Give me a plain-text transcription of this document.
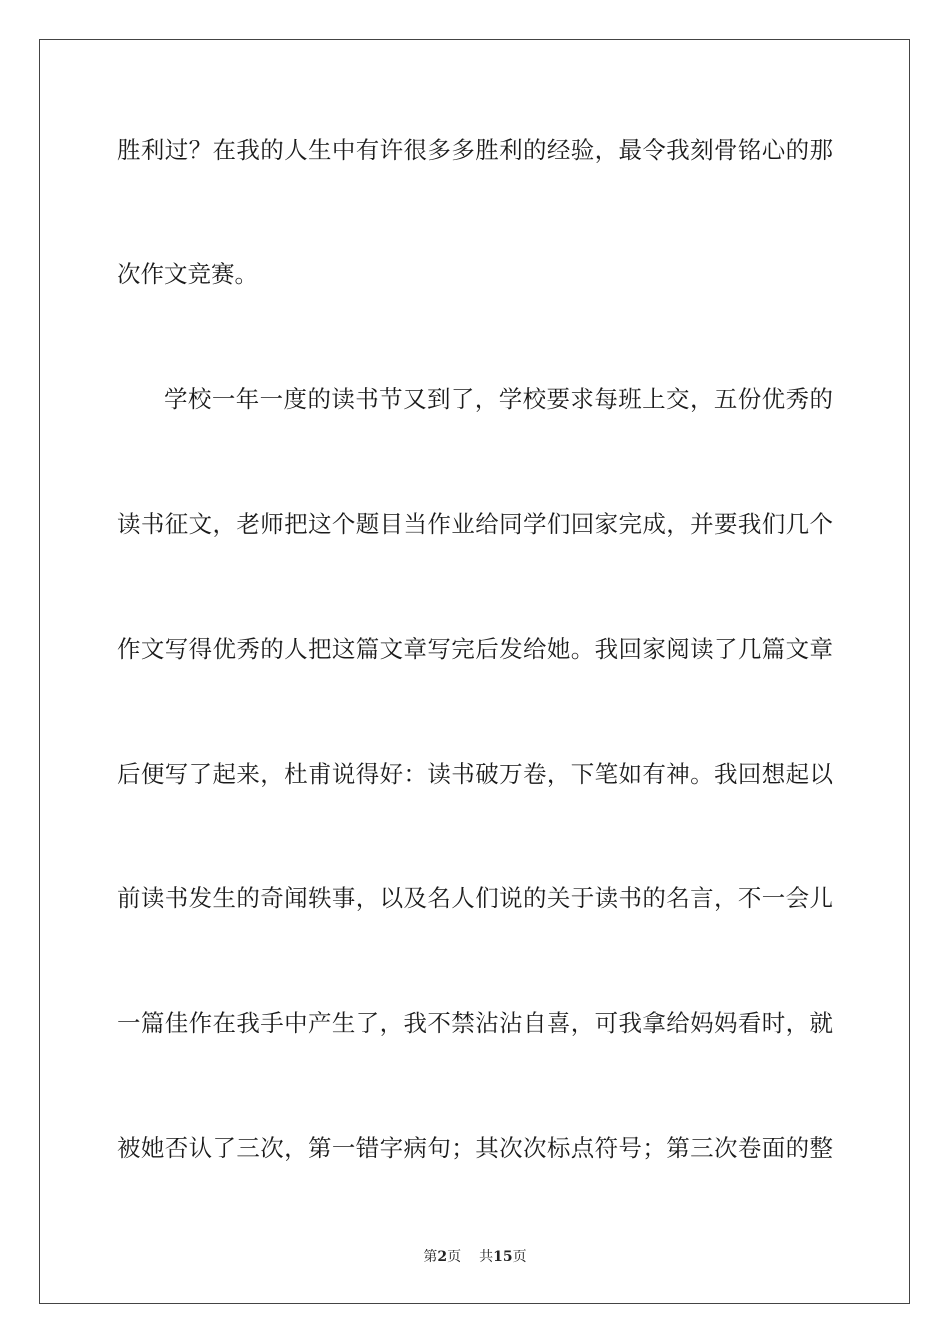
胜利过？在我的人生中有许很多多胜利的经验，最令我刻骨铭心的那
次作文竞赛。
学校一年一度的读书节又到了，学校要求每班上交，五份优秀的
读书征文，老师把这个题目当作业给同学们回家完成，并要我们几个
作文写得优秀的人把这篇文章写完后发给她。我回家阅读了几篇文章
后便写了起来，杜甫说得好：读书破万卷，下笔如有神。我回想起以
前读书发生的奇闻轶事，以及名人们说的关于读书的名言，不一会儿
一篇佳作在我手中产生了，我不禁沾沾自喜，可我拿给妈妈看时，就
被她否认了三次，第一错字病句；其次次标点符号；第三次卷面的整
第2页 共15页
